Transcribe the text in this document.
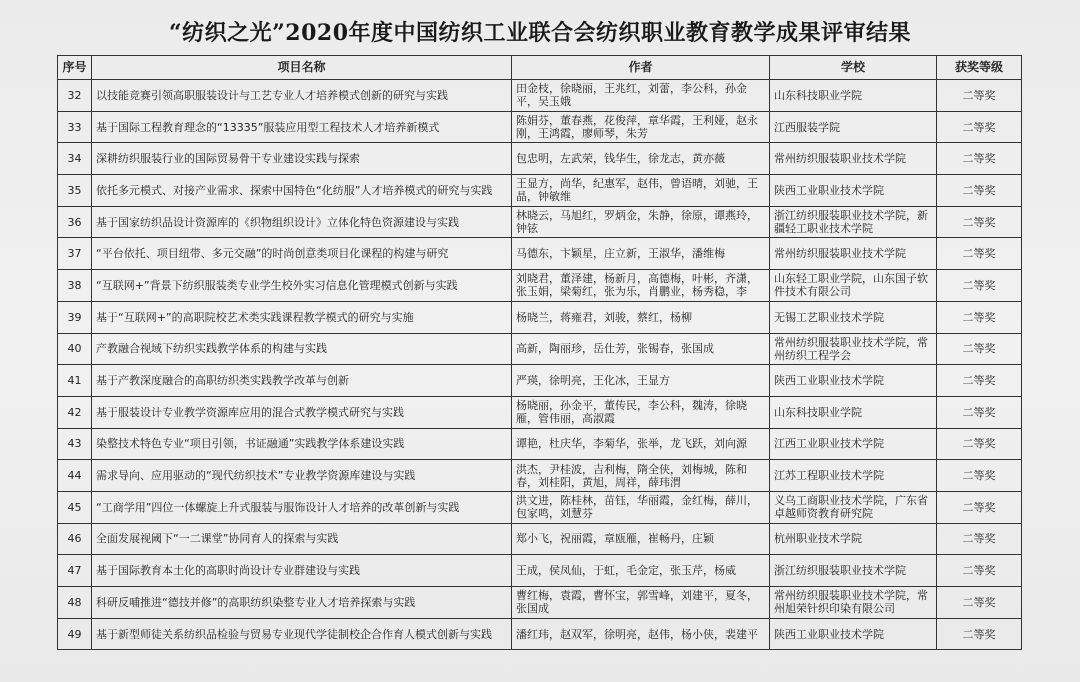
“纺织之光”2020年度中国纺织工业联合会纺织职业教育教学成果评审结果
序号	项目名称	作者	学校	获奖等级

32	以技能竞赛引领高职服装设计与工艺专业人才培养模式创新的研究与实践	田金枝，徐晓丽，王兆红，刘蕾，李公科，孙金平，吴玉娥	山东科技职业学院	二等奖

33	基于国际工程教育理念的“13335”服装应用型工程技术人才培养新模式	陈娟芬，董春燕，花俊萍，章华霞，王利娅，赵永刚，王鸿霞，廖师琴，朱芳	江西服装学院	二等奖

34	深耕纺织服装行业的国际贸易骨干专业建设实践与探索	包忠明，左武荣，钱华生，徐龙志，黄亦薇	常州纺织服装职业技术学院	二等奖

35	依托多元模式、对接产业需求、探索中国特色“化纺服”人才培养模式的研究与实践	王显方，尚华，纪惠军，赵伟，曾语晴，刘驰，王晶，钟敏维	陕西工业职业技术学院	二等奖

36	基于国家纺织品设计资源库的《织物组织设计》立体化特色资源建设与实践	林晓云，马旭红，罗炳金，朱静，徐原，谭燕玲，钟铉	浙江纺织服装职业技术学院，新疆轻工职业技术学院	二等奖

37	“平台依托、项目纽带、多元交融”的时尚创意类项目化课程的构建与研究	马德东，卞颖星，庄立新，王淑华，潘维梅	常州纺织服装职业技术学院	二等奖

38	“互联网+”背景下纺织服装类专业学生校外实习信息化管理模式创新与实践	刘晓君，董泽建，杨新月，高德梅，叶彬，齐潇，张玉娟，梁菊红，张为乐，肖鹏业，杨秀稳，李	山东轻工职业学院，山东国子软件技术有限公司	二等奖

39	基于“互联网+”的高职院校艺术类实践课程教学模式的研究与实施	杨晓兰，蒋雍君，刘骏，蔡红，杨柳	无锡工艺职业技术学院	二等奖

40	产教融合视域下纺织实践教学体系的构建与实践	高新，陶丽珍，岳仕芳，张锡春，张国成	常州纺织服装职业技术学院，常州纺织工程学会	二等奖

41	基于产教深度融合的高职纺织类实践教学改革与创新	严瑛，徐明亮，王化冰，王显方	陕西工业职业技术学院	二等奖

42	基于服装设计专业教学资源库应用的混合式教学模式研究与实践	杨晓丽，孙金平，董传民，李公科，魏涛，徐晓雁，管伟丽，高淑霞	山东科技职业学院	二等奖

43	染整技术特色专业“项目引领，书证融通”实践教学体系建设实践	谭艳，杜庆华，李菊华，张举，龙飞跃，刘向源	江西工业职业技术学院	二等奖

44	需求导向、应用驱动的“现代纺织技术”专业教学资源库建设与实践	洪杰，尹桂波，吉利梅，隋全侠，刘梅城，陈和春，刘桂阳，黄旭，周祥，薛玮渭	江苏工程职业技术学院	二等奖

45	“工商学用”四位一体螺旋上升式服装与服饰设计人才培养的改革创新与实践	洪文进，陈桂林，苗钰，华丽霞，金红梅，薛川，包家鸣，刘慧芬	义乌工商职业技术学院，广东省卓越师资教育研究院	二等奖

46	全面发展视阈下“一二课堂”协同育人的探索与实践	郑小飞，祝丽霞，章瓯雁，崔畅丹，庄颖	杭州职业技术学院	二等奖

47	基于国际教育本土化的高职时尚设计专业群建设与实践	王成，侯凤仙，于虹，毛金定，张玉芹，杨威	浙江纺织服装职业技术学院	二等奖

48	科研反哺推进“德技并修”的高职纺织染整专业人才培养探索与实践	曹红梅，袁霞，曹怀宝，郭雪峰，刘建平，夏冬，张国成	常州纺织服装职业技术学院，常州旭荣针织印染有限公司	二等奖

49	基于新型师徒关系纺织品检验与贸易专业现代学徒制校企合作育人模式创新与实践	潘红玮，赵双军，徐明亮，赵伟，杨小侠，裴建平	陕西工业职业技术学院	二等奖
